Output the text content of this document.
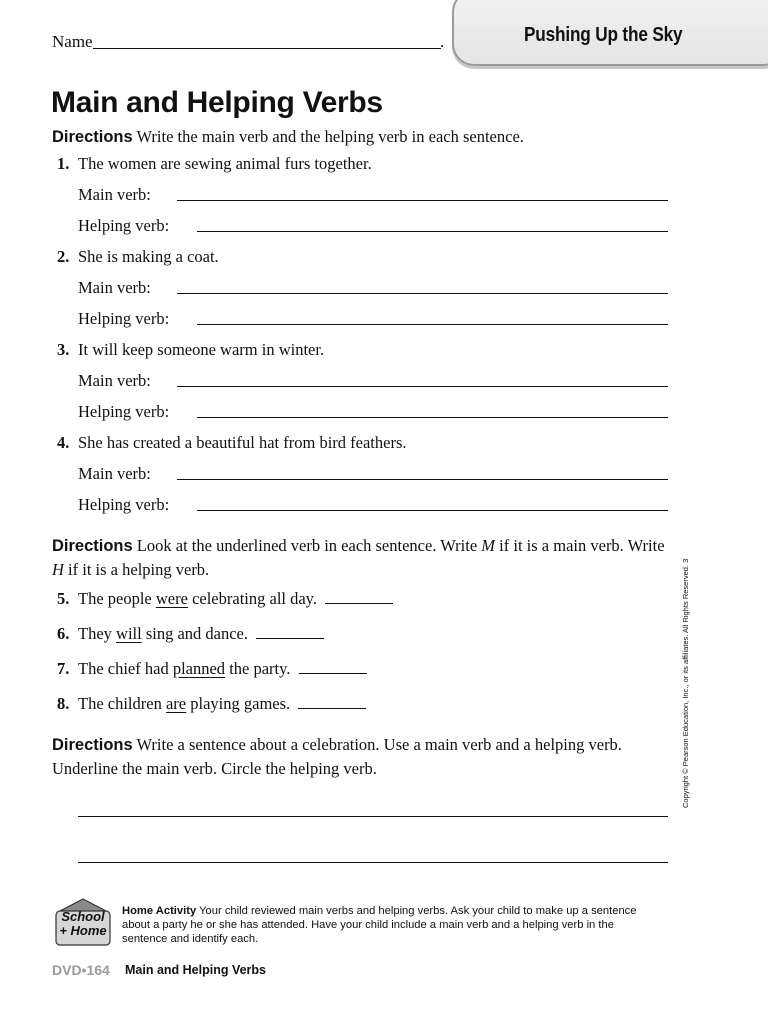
Pushing Up the Sky
Name	.
Main and Helping Verbs
Directions Write the main verb and the helping verb in each sentence.
1. The women are sewing animal furs together.
Main verb:
Helping verb:
2. She is making a coat.
Main verb:
Helping verb:
3. It will keep someone warm in winter.
Main verb:
Helping verb:
4. She has created a beautiful hat from bird feathers.
Main verb:
Helping verb:
Directions Look at the underlined verb in each sentence. Write M if it is a main verb. Write H if it is a helping verb.
5. The people were celebrating all day.
6. They will sing and dance.
7. The chief had planned the party.
8. The children are playing games.
Directions Write a sentence about a celebration. Use a main verb and a helping verb.
Underline the main verb. Circle the helping verb.	Copyright © Pearson Education, Inc., or its affiliates. All Rights Reserved. 3
School
+ Home
Home Activity Your child reviewed main verbs and helping verbs. Ask your child to make up a sentence about a party he or she has attended. Have your child include a main verb and a helping verb in the sentence and identify each.
DVD•164 Main and Helping Verbs
